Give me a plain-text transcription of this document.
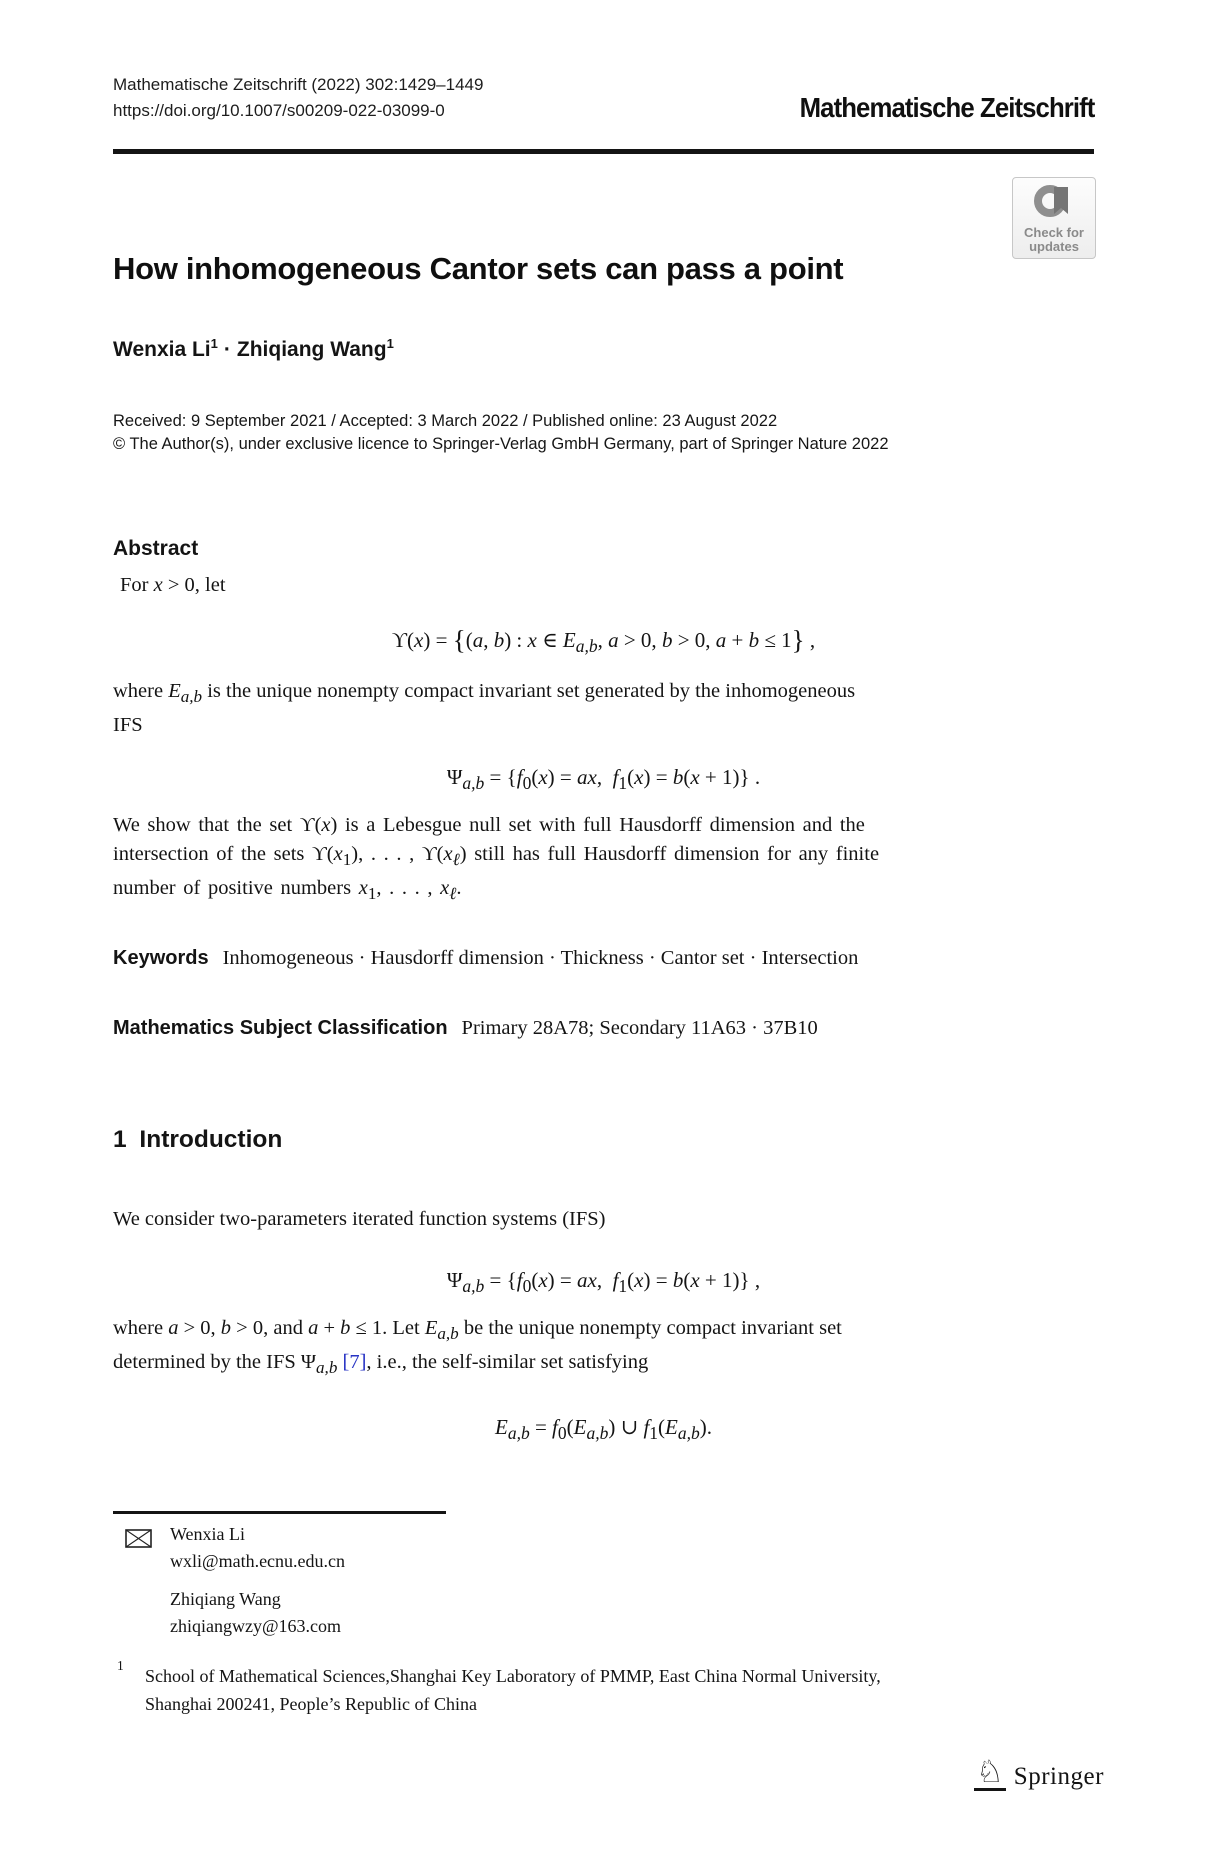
Mathematische Zeitschrift (2022) 302:1429–1449
https://doi.org/10.1007/s00209-022-03099-0	Mathematische Zeitschrift
Check for
updates
How inhomogeneous Cantor sets can pass a point
Wenxia $Li^1$ · Zhiqiang Wang$^1$
Received: 9 September 2021 / Accepted: 3 March 2022 / Published online: 23 August 2022
© The Author(s), under exclusive licence to Springer-Verlag GmbH Germany, part of Springer Nature 2022
Abstract
For x > 0, let
ϒ(x) = {(a, b) : x ∈ $E_{a,b}$, a > 0, b > 0, a + b ≤ 1} ,
where $E_{a,b}$ is the unique nonempty compact invariant set generated by the inhomogeneous
IFS
$\Psi_{a,b} = \{f_0(x)$ = ax,  $f_1(x) = b(x + 1)$} .
We show that the set ϒ(x) is a Lebesgue null set with full Hausdorff dimension and the
intersection of the sets $ϒ(x_1)$, . . . , $ϒ(x_\ell)$ still has full Hausdorff dimension for any finite
number of positive numbers $x_1$, . . . , $x_\ell$.
Keywords Inhomogeneous · Hausdorff dimension · Thickness · Cantor set · Intersection
Mathematics Subject Classification Primary 28A78; Secondary 11A63 · 37B10
1 Introduction
We consider two-parameters iterated function systems (IFS)
$\Psi_{a,b} = \{f_0(x)$ = ax,  $f_1(x) = b(x + 1)$} ,
where a > 0, b > 0, and a + b ≤ 1. Let $E_{a,b}$ be the unique nonempty compact invariant set
determined by the IFS $\Psi_{a,b}$ [7], i.e., the self-similar set satisfying
$E_{a,b} = f_0(E_{a,b})$ ∪ $f_1(E_{a,b})$.
Wenxia Li
wxli@math.ecnu.edu.cn
Zhiqiang Wang
zhiqiangwzy@163.com
1
School of Mathematical Sciences,Shanghai Key Laboratory of PMMP, East China Normal University,
Shanghai 200241, People’s Republic of China
♘ Springer
